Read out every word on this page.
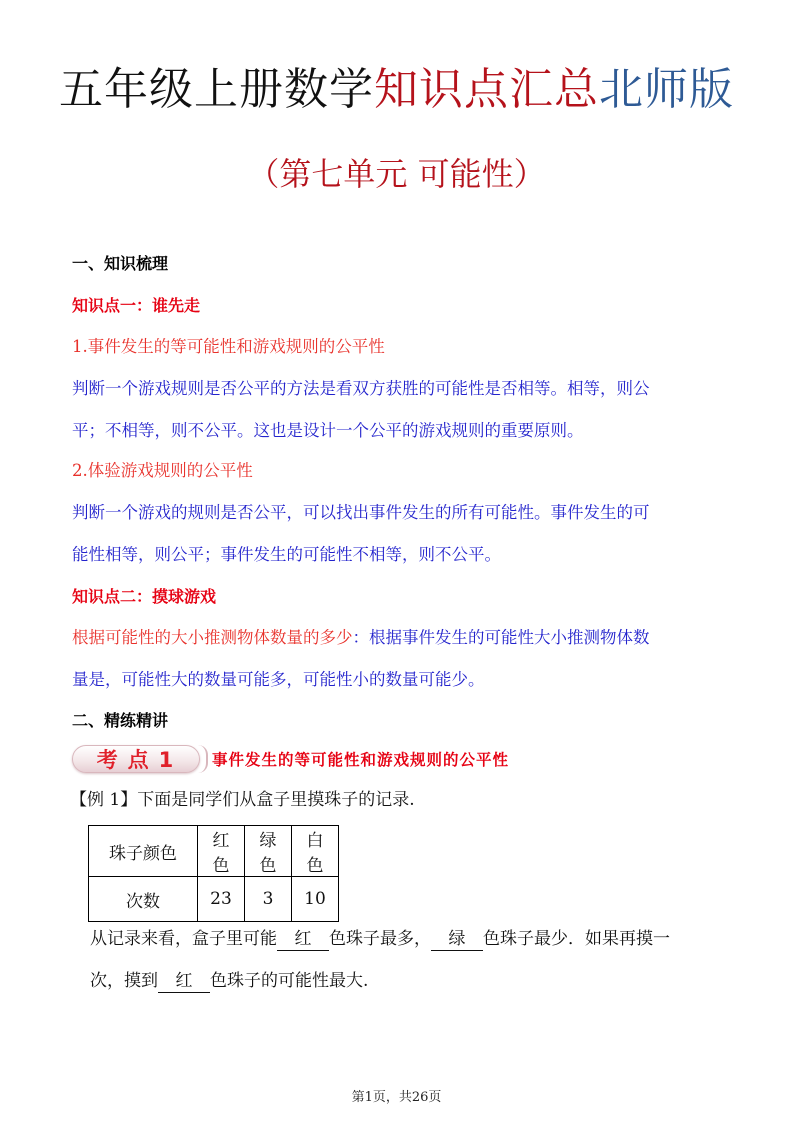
五年级上册数学知识点汇总北师版
（第七单元 可能性）
一、知识梳理
知识点一：谁先走
1.事件发生的等可能性和游戏规则的公平性
判断一个游戏规则是否公平的方法是看双方获胜的可能性是否相等。相等，则公
平；不相等，则不公平。这也是设计一个公平的游戏规则的重要原则。
2.体验游戏规则的公平性
判断一个游戏的规则是否公平，可以找出事件发生的所有可能性。事件发生的可
能性相等，则公平；事件发生的可能性不相等，则不公平。
知识点二：摸球游戏
根据可能性的大小推测物体数量的多少：根据事件发生的可能性大小推测物体数
量是，可能性大的数量可能多，可能性小的数量可能少。
二、精练精讲
考点1	事件发生的等可能性和游戏规则的公平性
【例 1】下面是同学们从盒子里摸珠子的记录.
珠子颜色	红色	绿色	白色
次数	23	3	10
从记录来看，盒子里可能 红 色珠子最多， 绿 色珠子最少．如果再摸一
次，摸到 红 色珠子的可能性最大.
第1页，共26页
